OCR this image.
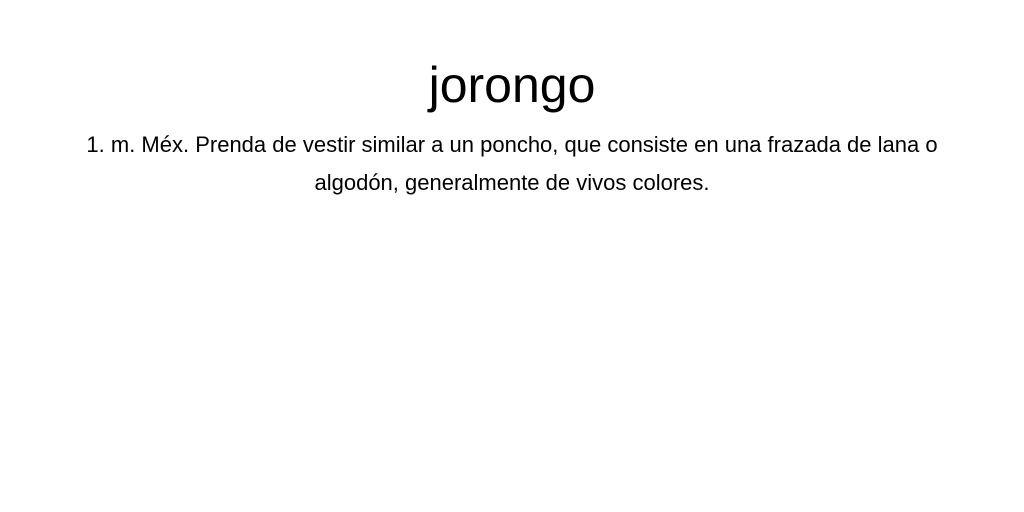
jorongo

1. m. Méx. Prenda de vestir similar a un poncho, que consiste en una frazada de lana o algodón, generalmente de vivos colores.
